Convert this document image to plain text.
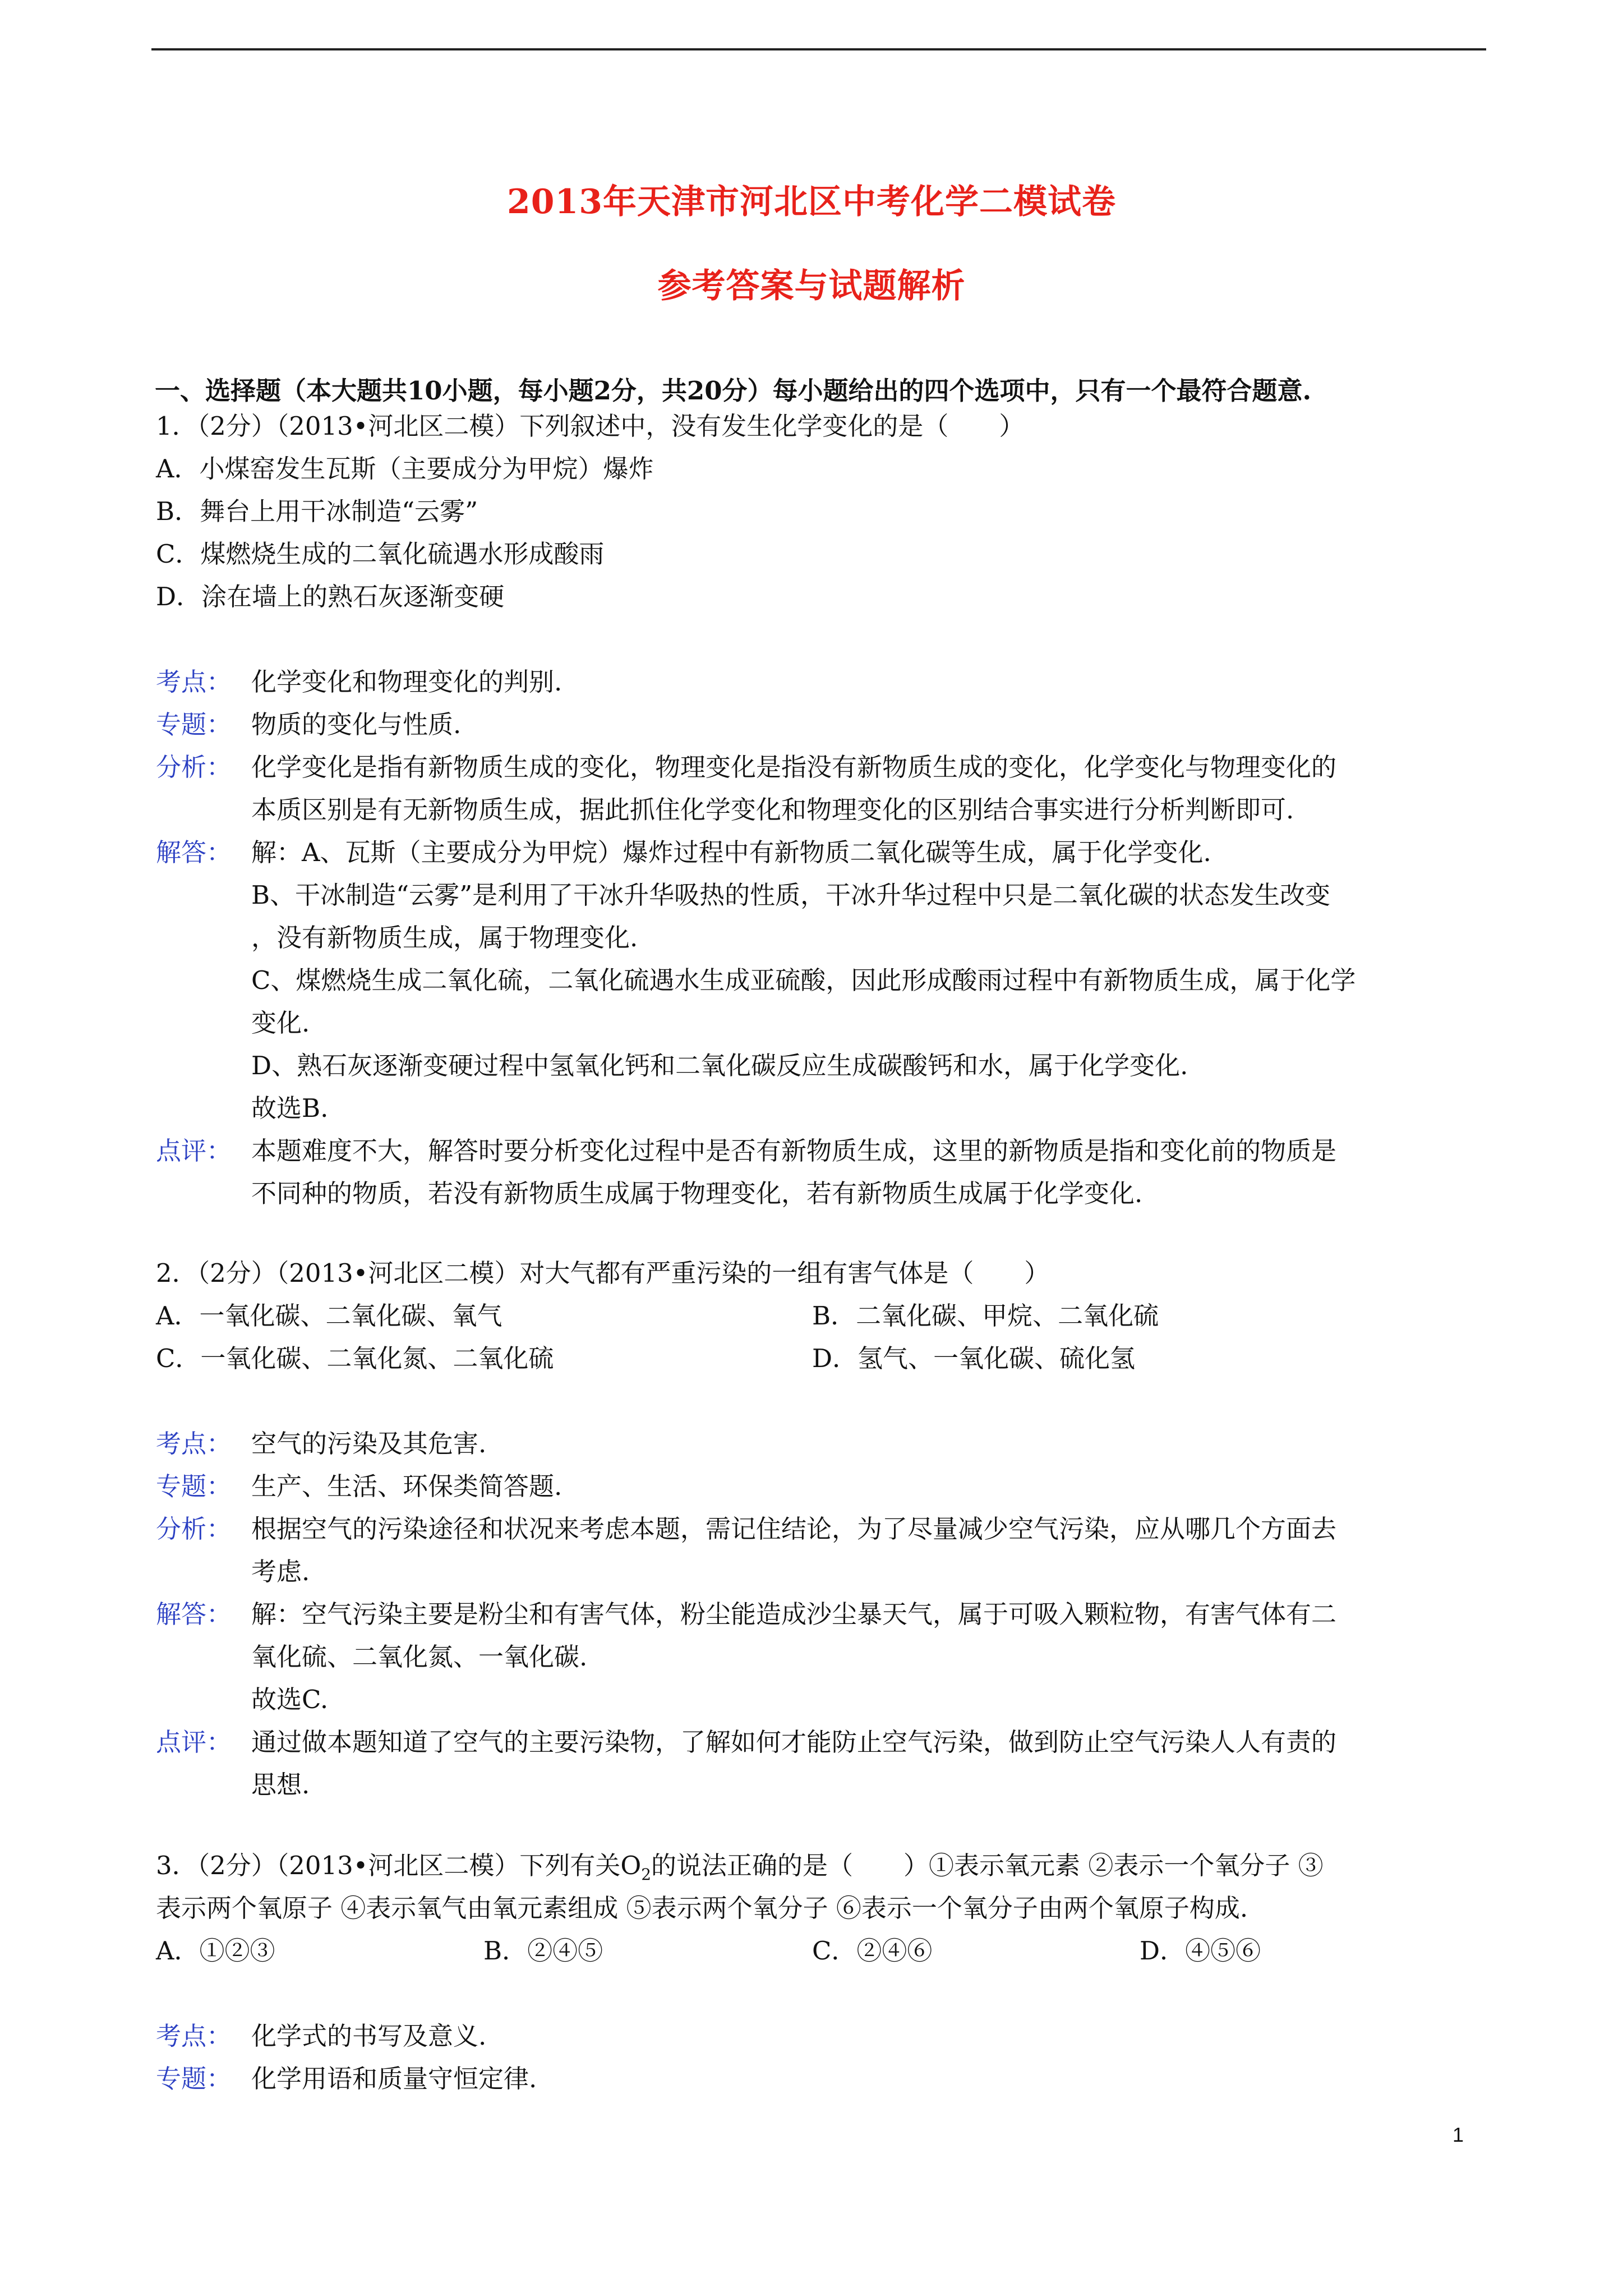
2013年天津市河北区中考化学二模试卷
参考答案与试题解析
一、选择题（本大题共10小题，每小题2分，共20分）每小题给出的四个选项中，只有一个最符合题意.
1．（2分）（2013•河北区二模）下列叙述中，没有发生化学变化的是（　　）
A．小煤窑发生瓦斯（主要成分为甲烷）爆炸
B．舞台上用干冰制造“云雾”
C．煤燃烧生成的二氧化硫遇水形成酸雨
D．涂在墙上的熟石灰逐渐变硬
考点： 化学变化和物理变化的判别.
专题： 物质的变化与性质.
分析： 化学变化是指有新物质生成的变化，物理变化是指没有新物质生成的变化，化学变化与物理变化的
本质区别是有无新物质生成，据此抓住化学变化和物理变化的区别结合事实进行分析判断即可.
解答： 解：A、瓦斯（主要成分为甲烷）爆炸过程中有新物质二氧化碳等生成，属于化学变化.
B、干冰制造“云雾”是利用了干冰升华吸热的性质，干冰升华过程中只是二氧化碳的状态发生改变
，没有新物质生成，属于物理变化.
C、煤燃烧生成二氧化硫，二氧化硫遇水生成亚硫酸，因此形成酸雨过程中有新物质生成，属于化学
变化.
D、熟石灰逐渐变硬过程中氢氧化钙和二氧化碳反应生成碳酸钙和水，属于化学变化.
故选B.
点评： 本题难度不大，解答时要分析变化过程中是否有新物质生成，这里的新物质是指和变化前的物质是
不同种的物质，若没有新物质生成属于物理变化，若有新物质生成属于化学变化.
2．（2分）（2013•河北区二模）对大气都有严重污染的一组有害气体是（　　）
A．一氧化碳、二氧化碳、氧气	B．二氧化碳、甲烷、二氧化硫
C．一氧化碳、二氧化氮、二氧化硫	D．氢气、一氧化碳、硫化氢
考点： 空气的污染及其危害.
专题： 生产、生活、环保类简答题.
分析： 根据空气的污染途径和状况来考虑本题，需记住结论，为了尽量减少空气污染，应从哪几个方面去
考虑.
解答： 解：空气污染主要是粉尘和有害气体，粉尘能造成沙尘暴天气，属于可吸入颗粒物，有害气体有二
氧化硫、二氧化氮、一氧化碳.
故选C.
点评： 通过做本题知道了空气的主要污染物，了解如何才能防止空气污染，做到防止空气污染人人有责的
思想.
3．（2分）（2013•河北区二模）下列有关$O_2$的说法正确的是（　　）①表示氧元素 ②表示一个氧分子 ③
表示两个氧原子 ④表示氧气由氧元素组成 ⑤表示两个氧分子 ⑥表示一个氧分子由两个氧原子构成.
A．①②③	B．②④⑤	C．②④⑥	D．④⑤⑥
考点： 化学式的书写及意义.
专题： 化学用语和质量守恒定律.
1
